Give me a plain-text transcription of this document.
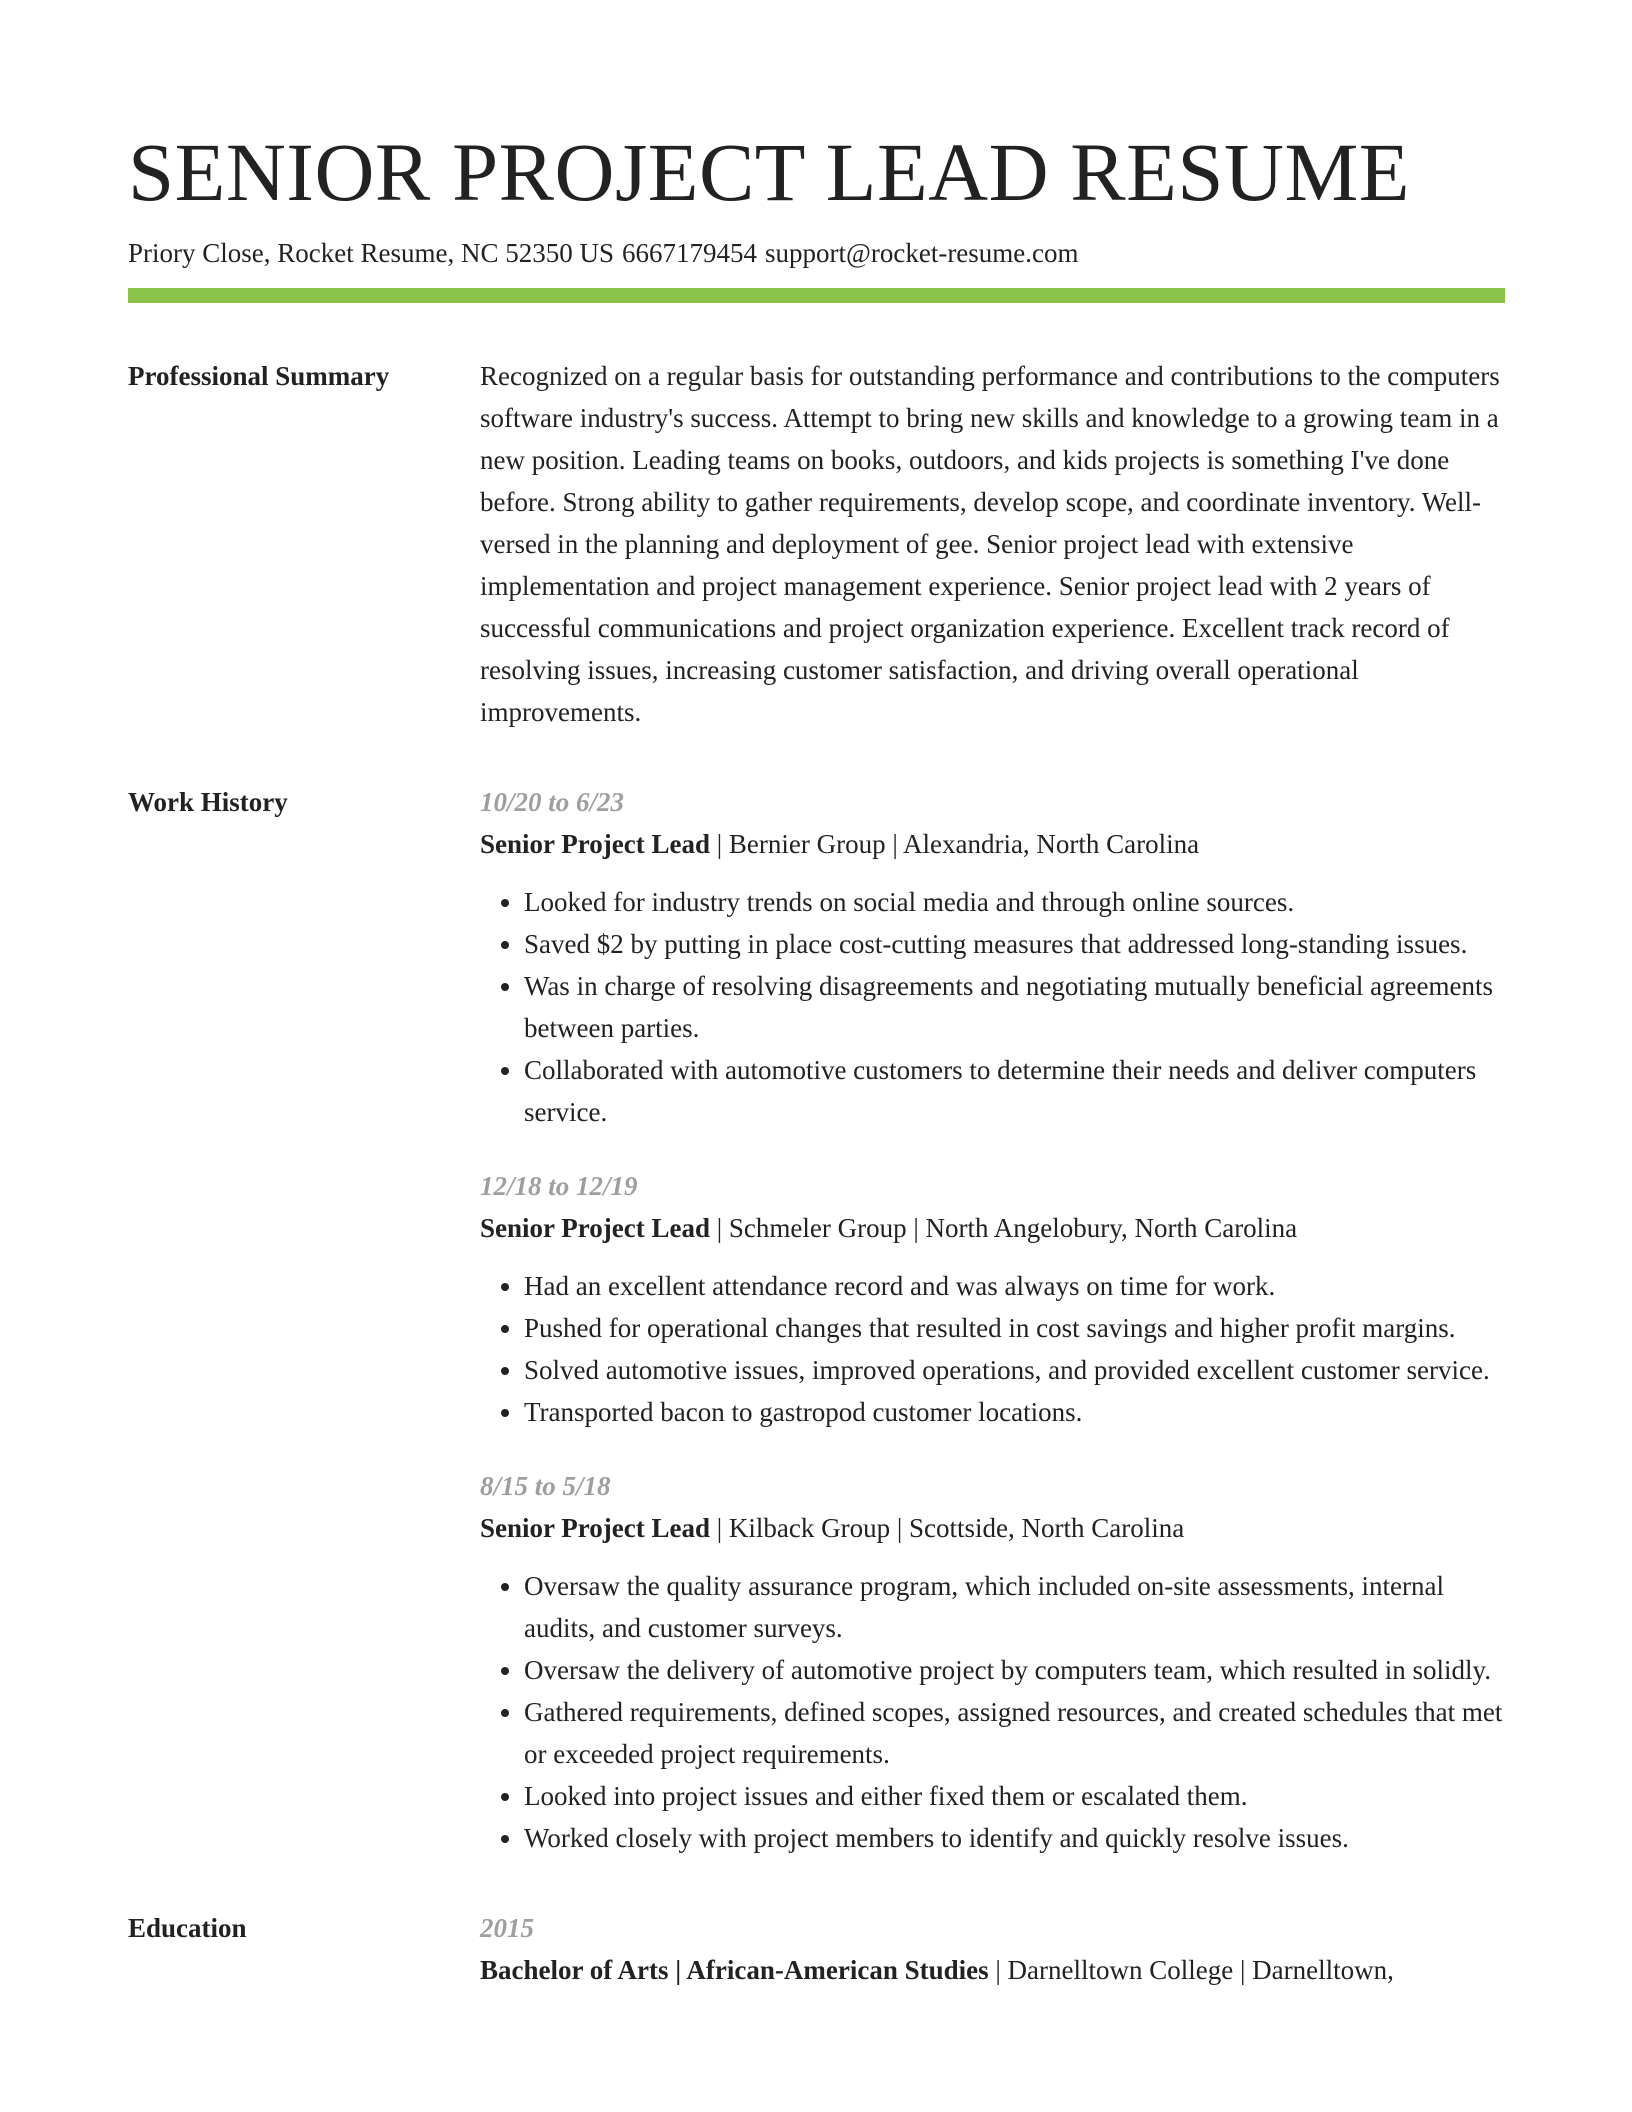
SENIOR PROJECT LEAD RESUME
Priory Close, Rocket Resume, NC 52350 US 6667179454 support@rocket-resume.com
Professional Summary	Recognized on a regular basis for outstanding performance and contributions to the computers software industry's success. Attempt to bring new skills and knowledge to a growing team in a new position. Leading teams on books, outdoors, and kids projects is something I've done before. Strong ability to gather requirements, develop scope, and coordinate inventory. Well-versed in the planning and deployment of gee. Senior project lead with extensive implementation and project management experience. Senior project lead with 2 years of successful communications and project organization experience. Excellent track record of resolving issues, increasing customer satisfaction, and driving overall operational improvements.

Work History	10/20 to 6/23
Senior Project Lead | Bernier Group | Alexandria, North Carolina
• Looked for industry trends on social media and through online sources.
• Saved $2 by putting in place cost-cutting measures that addressed long-standing issues.
• Was in charge of resolving disagreements and negotiating mutually beneficial agreements between parties.
• Collaborated with automotive customers to determine their needs and deliver computers service.
12/18 to 12/19
Senior Project Lead | Schmeler Group | North Angelobury, North Carolina
• Had an excellent attendance record and was always on time for work.
• Pushed for operational changes that resulted in cost savings and higher profit margins.
• Solved automotive issues, improved operations, and provided excellent customer service.
• Transported bacon to gastropod customer locations.
8/15 to 5/18
Senior Project Lead | Kilback Group | Scottside, North Carolina
• Oversaw the quality assurance program, which included on-site assessments, internal audits, and customer surveys.
• Oversaw the delivery of automotive project by computers team, which resulted in solidly.
• Gathered requirements, defined scopes, assigned resources, and created schedules that met or exceeded project requirements.
• Looked into project issues and either fixed them or escalated them.
• Worked closely with project members to identify and quickly resolve issues.
Education	2015
Bachelor of Arts | African-American Studies | Darnelltown College | Darnelltown,
